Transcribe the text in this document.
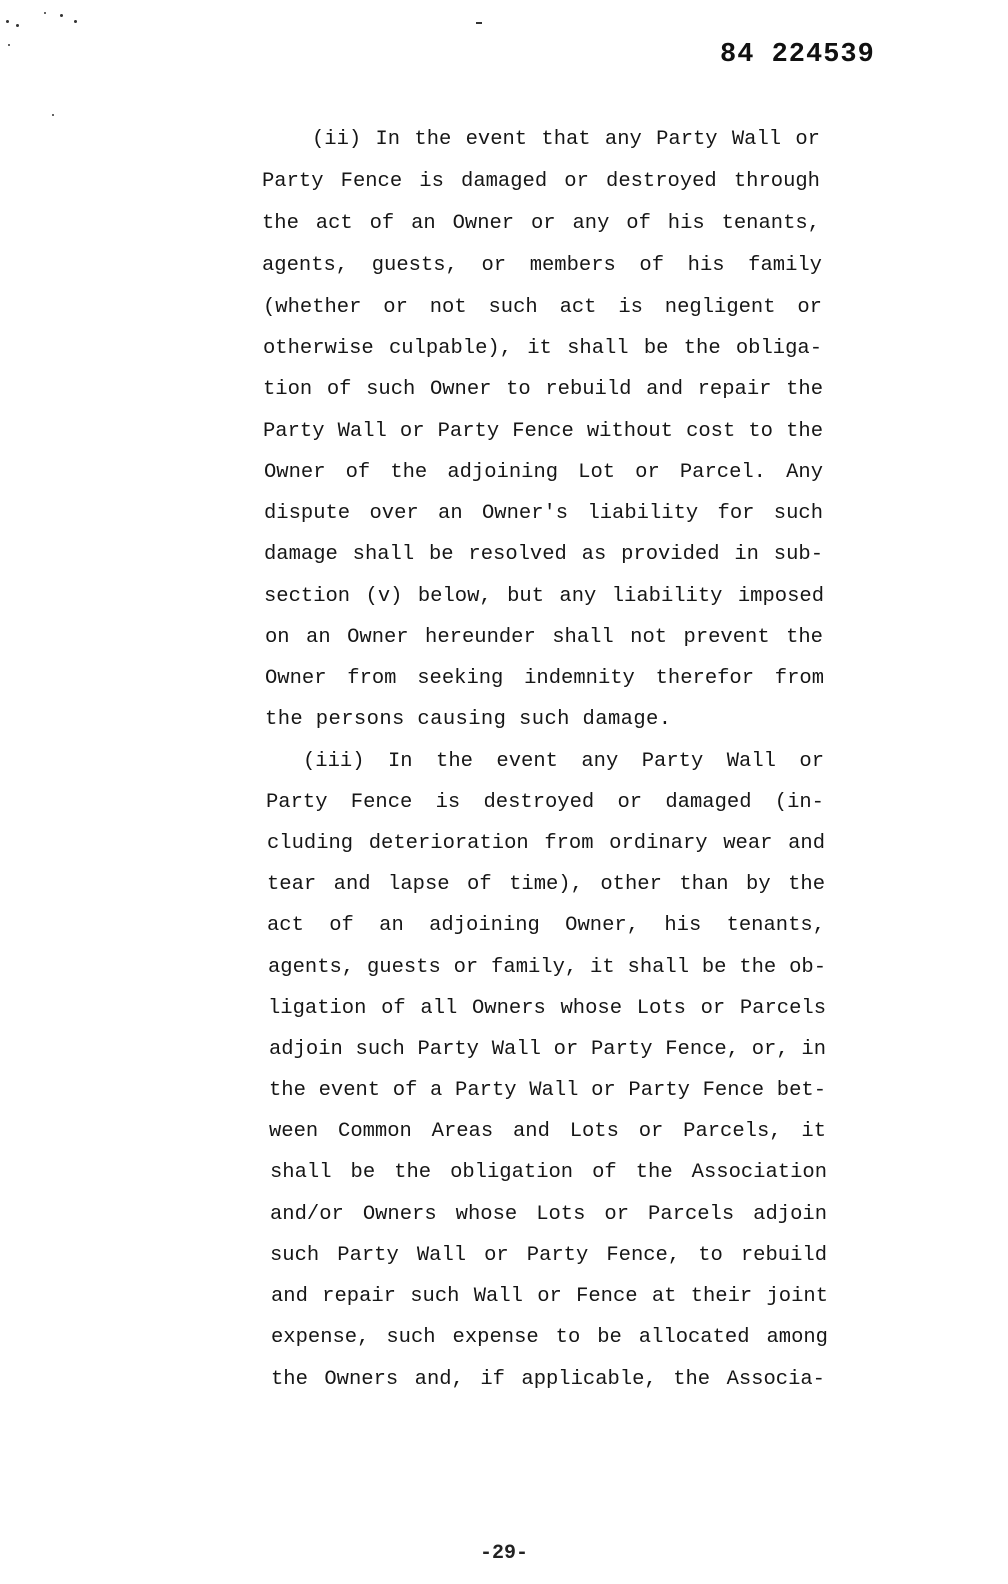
84 224539
(ii) In the event that any Party Wall or
Party Fence is damaged or destroyed through
the act of an Owner or any of his tenants,
agents, guests, or members of his family
(whether or not such act is negligent or
otherwise culpable), it shall be the obliga-
tion of such Owner to rebuild and repair the
Party Wall or Party Fence without cost to the
Owner of the adjoining Lot or Parcel. Any
dispute over an Owner's liability for such
damage shall be resolved as provided in sub-
section (v) below, but any liability imposed
on an Owner hereunder shall not prevent the
Owner from seeking indemnity therefor from
the persons causing such damage.
(iii) In the event any Party Wall or
Party Fence is destroyed or damaged (in-
cluding deterioration from ordinary wear and
tear and lapse of time), other than by the
act of an adjoining Owner, his tenants,
agents, guests or family, it shall be the ob-
ligation of all Owners whose Lots or Parcels
adjoin such Party Wall or Party Fence, or, in
the event of a Party Wall or Party Fence bet-
ween Common Areas and Lots or Parcels, it
shall be the obligation of the Association
and/or Owners whose Lots or Parcels adjoin
such Party Wall or Party Fence, to rebuild
and repair such Wall or Fence at their joint
expense, such expense to be allocated among
the Owners and, if applicable, the Associa-
-29-
